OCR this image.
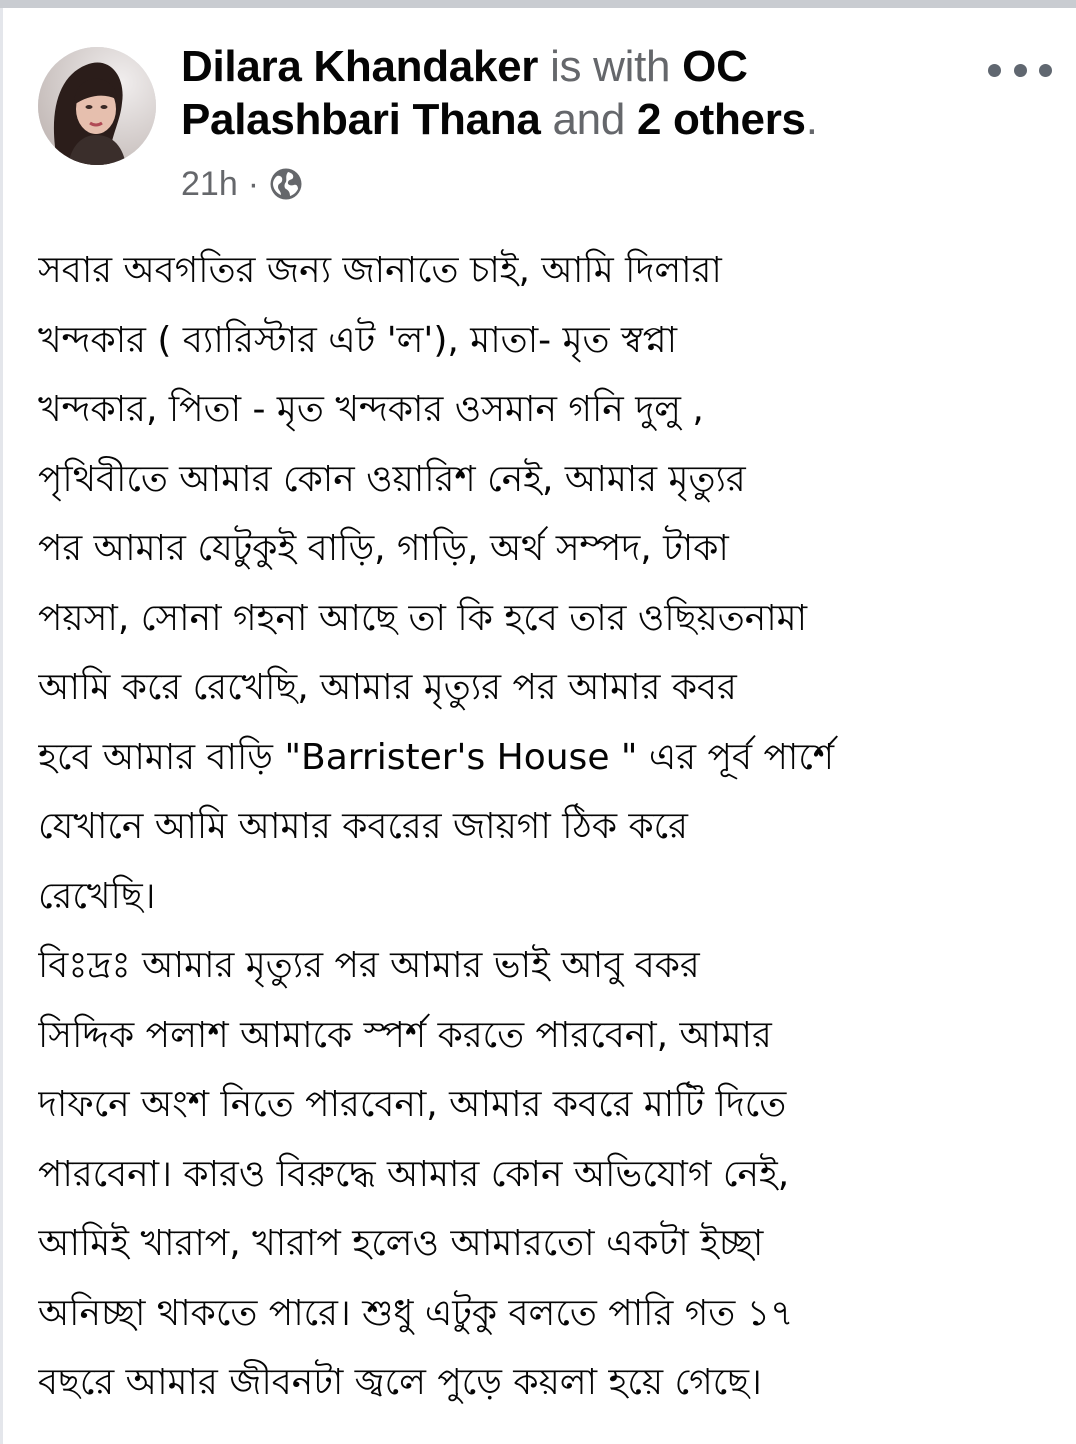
Dilara Khandaker is with OC Palashbari Thana and 2 others.
21h ·
সবার অবগতির জন্য জানাতে চাই, আমি দিলারা
খন্দকার ( ব্যারিস্টার এট 'ল'), মাতা- মৃত স্বপ্না
খন্দকার, পিতা - মৃত খন্দকার ওসমান গনি দুলু ,
পৃথিবীতে আমার কোন ওয়ারিশ নেই, আমার মৃত্যুর
পর আমার যেটুকুই বাড়ি, গাড়ি, অর্থ সম্পদ, টাকা
পয়সা, সোনা গহনা আছে তা কি হবে তার ওছিয়তনামা
আমি করে রেখেছি, আমার মৃত্যুর পর আমার কবর
হবে আমার বাড়ি "Barrister's House " এর পূর্ব পার্শে
যেখানে আমি আমার কবরের জায়গা ঠিক করে
রেখেছি।
বিঃদ্রঃ আমার মৃত্যুর পর আমার ভাই আবু বকর
সিদ্দিক পলাশ আমাকে স্পর্শ করতে পারবেনা, আমার
দাফনে অংশ নিতে পারবেনা, আমার কবরে মাটি দিতে
পারবেনা। কারও বিরুদ্ধে আমার কোন অভিযোগ নেই,
আমিই খারাপ, খারাপ হলেও আমারতো একটা ইচ্ছা
অনিচ্ছা থাকতে পারে। শুধু এটুকু বলতে পারি গত ১৭
বছরে আমার জীবনটা জ্বলে পুড়ে কয়লা হয়ে গেছে।
